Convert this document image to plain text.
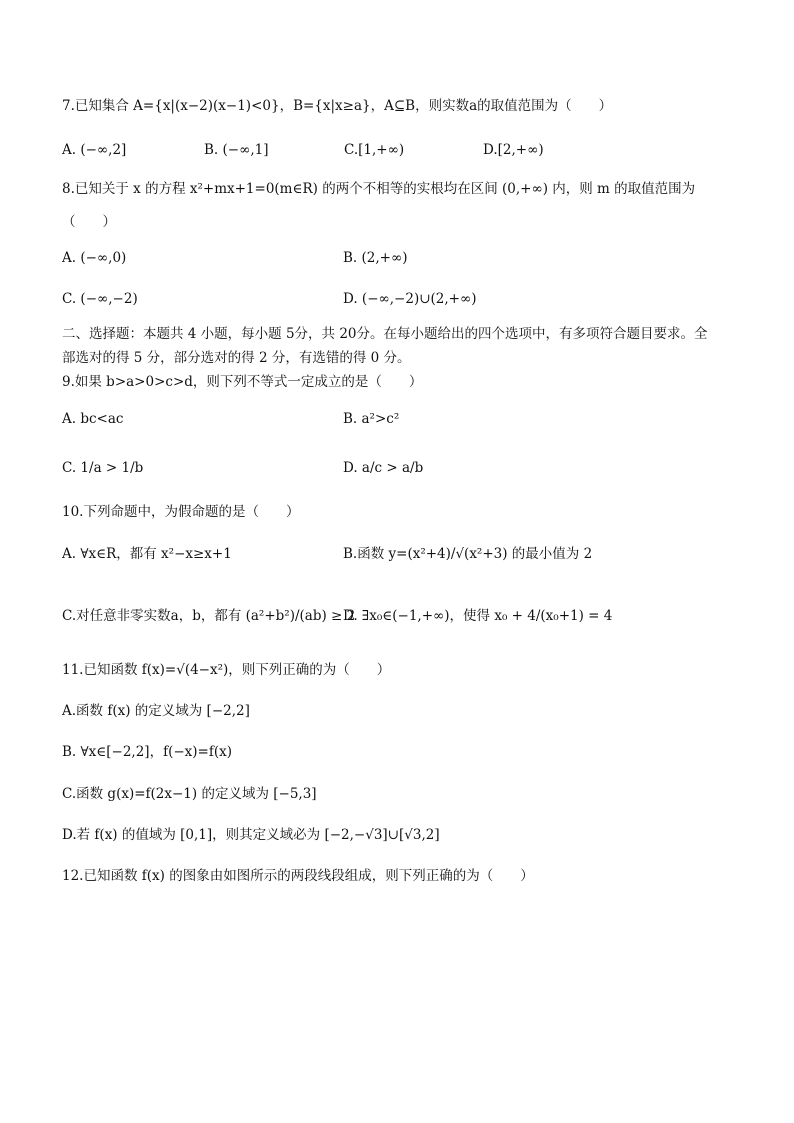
7.已知集合 A={x|(x−2)(x−1)<0}，B={x|x≥a}，A⊆B，则实数a的取值范围为（　　）
A. (−∞,2]	B. (−∞,1]	C.[1,+∞)	D.[2,+∞)
8.已知关于 x 的方程 x²+mx+1=0(m∈R) 的两个不相等的实根均在区间 (0,+∞) 内，则 m 的取值范围为
（　　）
A. (−∞,0)	B. (2,+∞)
C. (−∞,−2)	D. (−∞,−2)∪(2,+∞)
二、选择题：本题共 4 小题，每小题 5分，共 20分。在每小题给出的四个选项中，有多项符合题目要求。全
部选对的得 5 分，部分选对的得 2 分，有选错的得 0 分。
9.如果 b>a>0>c>d，则下列不等式一定成立的是（　　）
A. bc<ac	B. a²>c²
C. 1/a > 1/b	D. a/c > a/b
10.下列命题中，为假命题的是（　　）
A. ∀x∈R，都有 x²−x≥x+1	B.函数 y=(x²+4)/√(x²+3) 的最小值为 2
C.对任意非零实数a，b，都有 (a²+b²)/(ab) ≥ 2
D. ∃x₀∈(−1,+∞)，使得 x₀ + 4/(x₀+1) = 4
11.已知函数 f(x)=√(4−x²)，则下列正确的为（　　）
A.函数 f(x) 的定义域为 [−2,2]
B. ∀x∈[−2,2]，f(−x)=f(x)
C.函数 g(x)=f(2x−1) 的定义域为 [−5,3]
D.若 f(x) 的值域为 [0,1]，则其定义域必为 [−2,−√3]∪[√3,2]
12.已知函数 f(x) 的图象由如图所示的两段线段组成，则下列正确的为（　　）
